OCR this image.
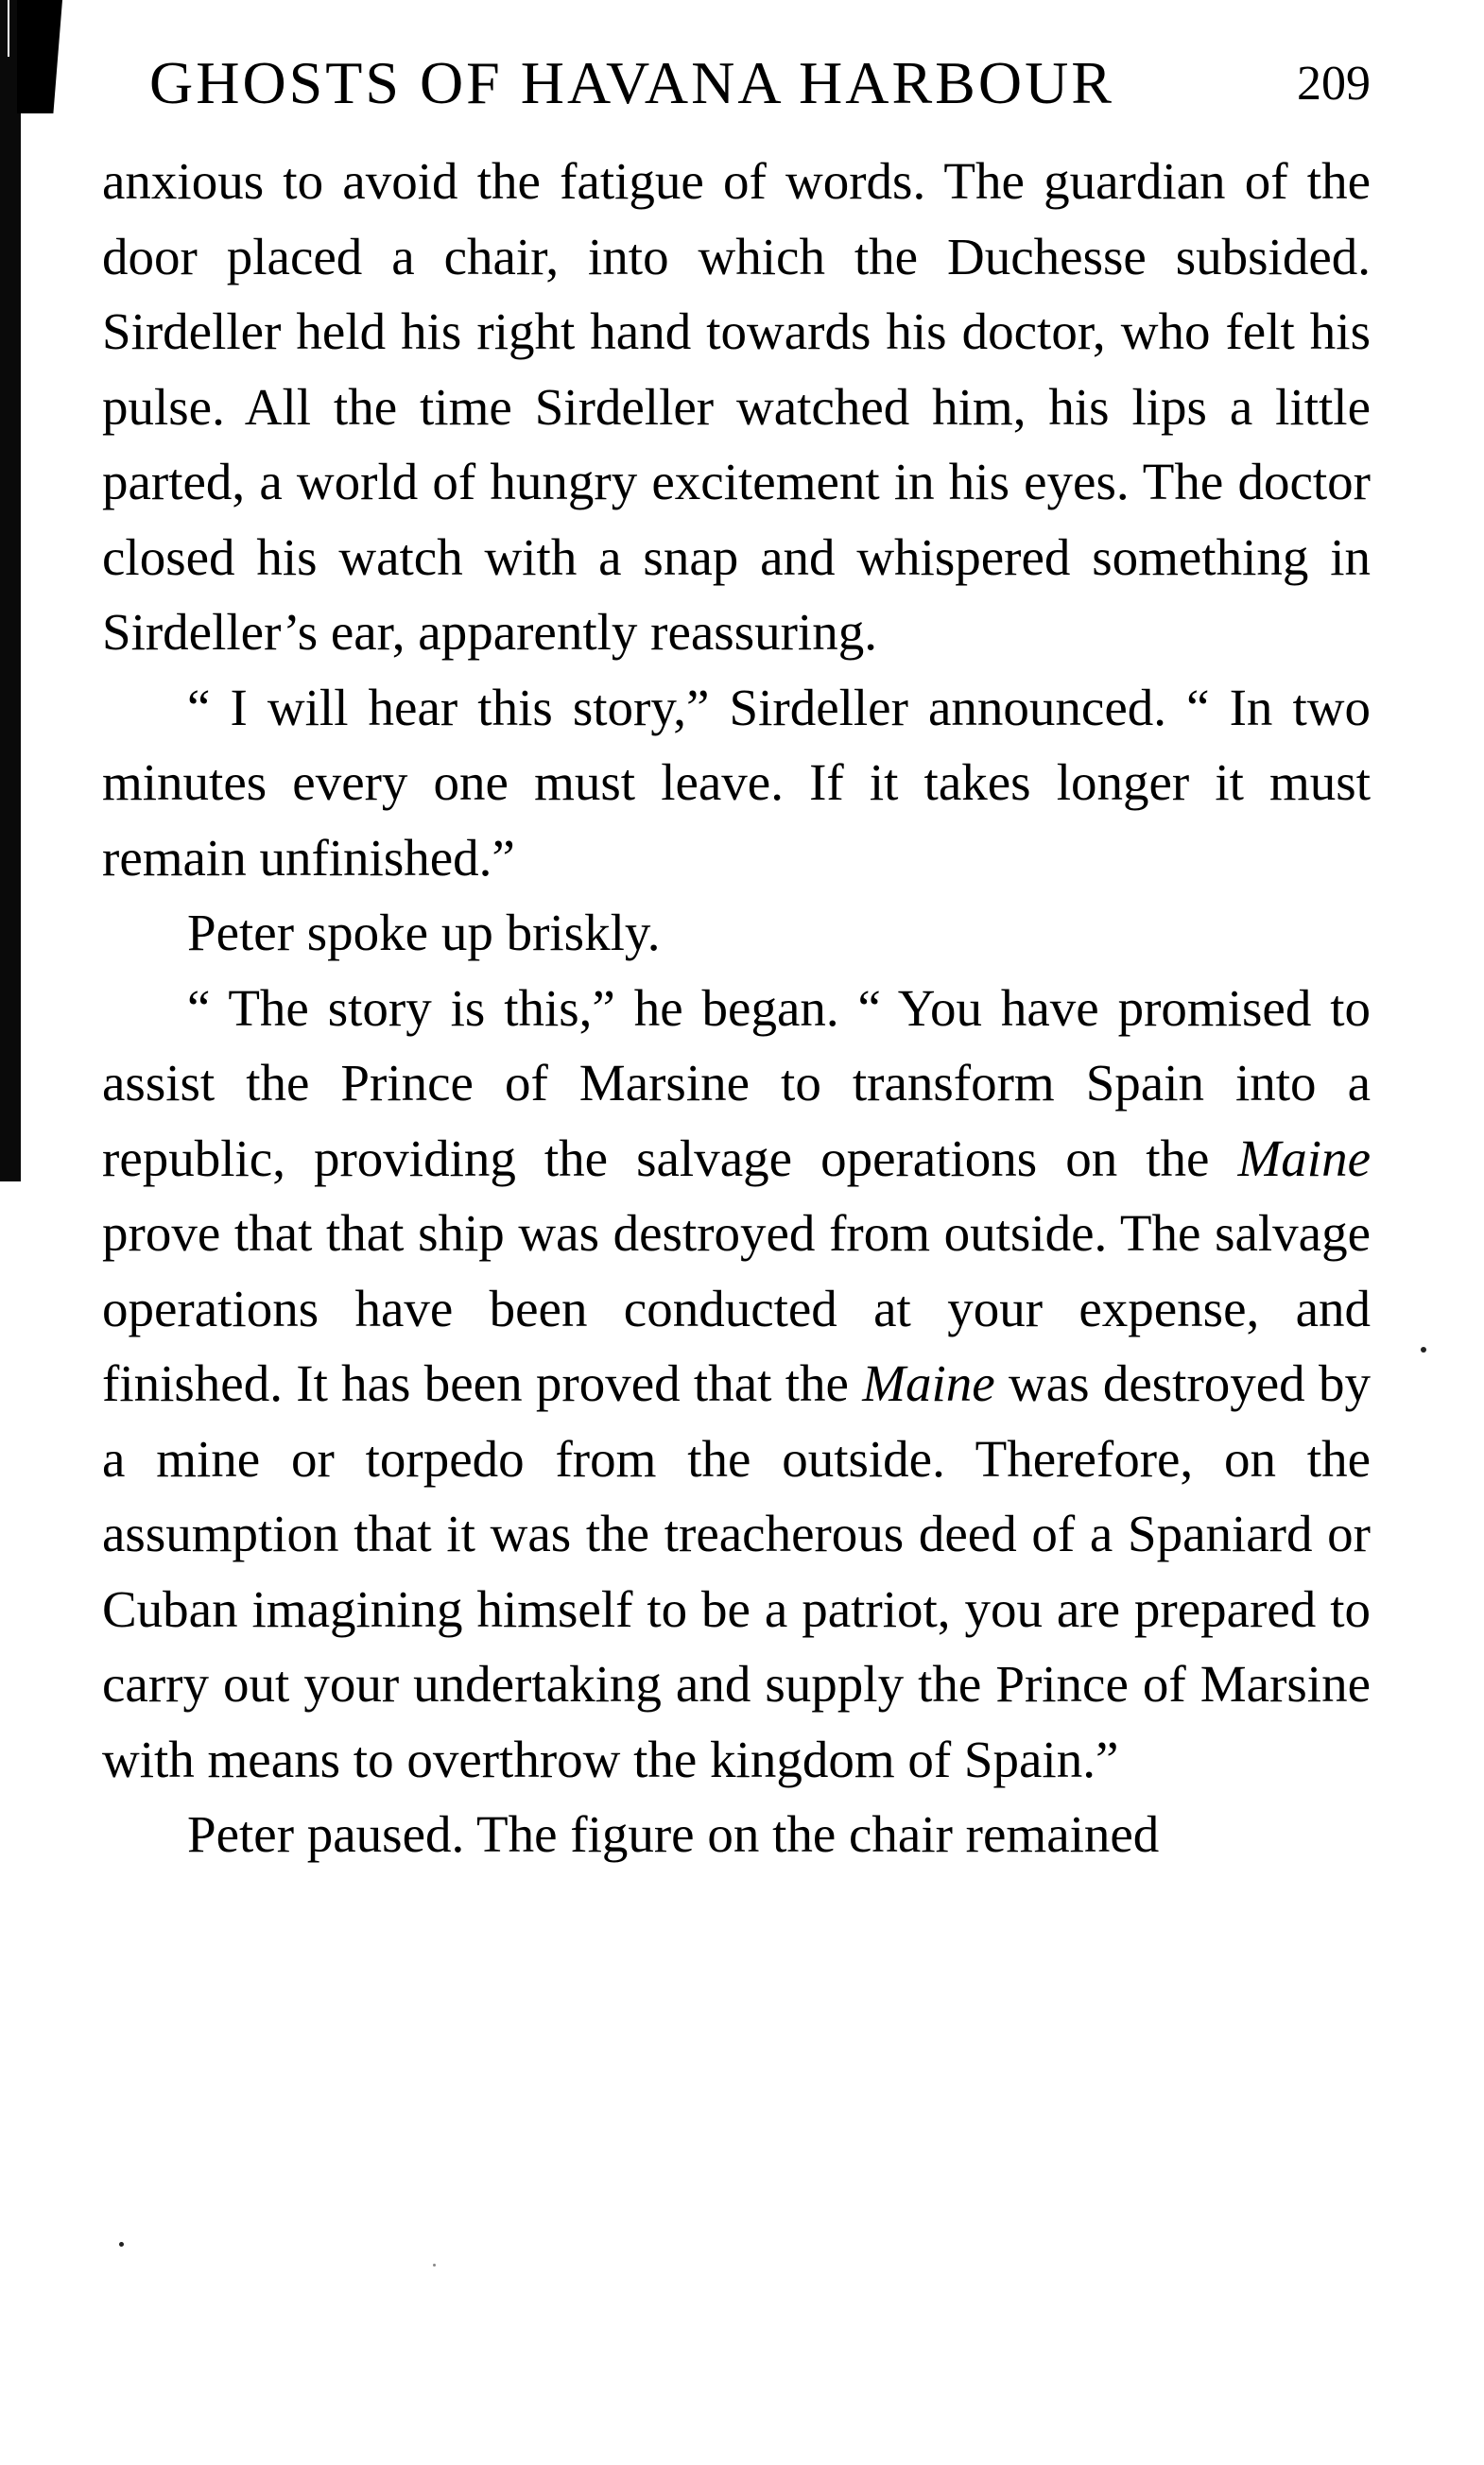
GHOSTS OF HAVANA HARBOUR	209

anxious to avoid the fatigue of words. The guardian of the door placed a chair, into which the Duchesse subsided. Sirdeller held his right hand towards his doctor, who felt his pulse. All the time Sirdeller watched him, his lips a little parted, a world of hungry excitement in his eyes. The doctor closed his watch with a snap and whispered something in Sirdeller’s ear, apparently reassuring.

“ I will hear this story,” Sirdeller announced. “ In two minutes every one must leave. If it takes longer it must remain unfinished.”

Peter spoke up briskly.

“ The story is this,” he began. “ You have promised to assist the Prince of Marsine to transform Spain into a republic, providing the salvage operations on the Maine prove that that ship was destroyed from outside. The salvage operations have been conducted at your expense, and finished. It has been proved that the Maine was destroyed by a mine or torpedo from the outside. Therefore, on the assumption that it was the treacherous deed of a Spaniard or Cuban imagining himself to be a patriot, you are prepared to carry out your undertaking and supply the Prince of Marsine with means to overthrow the kingdom of Spain.”

Peter paused. The figure on the chair remained
